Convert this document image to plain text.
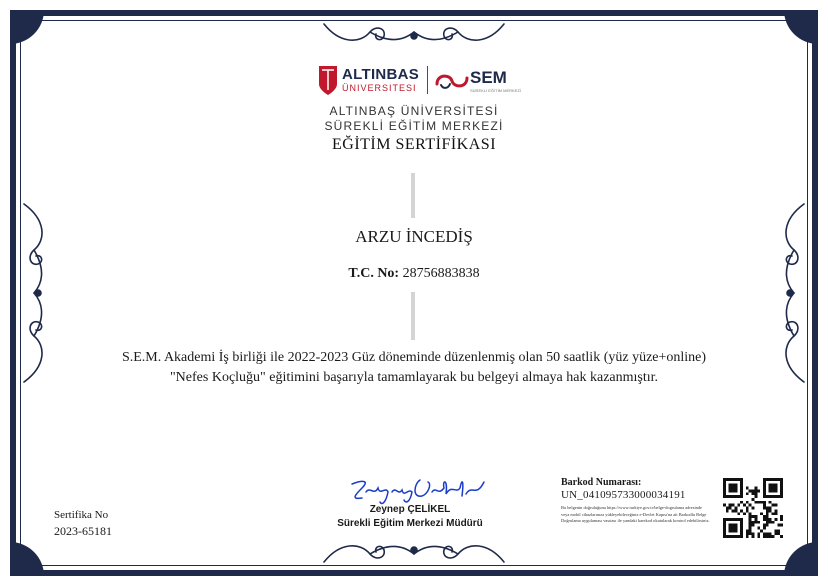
ALTINBAS
ÜNIVERSITESI
SEM
SÜREKLİ EĞİTİM MERKEZİ
ALTINBAŞ ÜNİVERSİTESİ
SÜREKLİ EĞİTİM MERKEZİ
EĞİTİM SERTİFİKASI
ARZU İNCEDİŞ
T.C. No: 28756883838
S.E.M. Akademi İş birliği ile 2022-2023 Güz döneminde düzenlenmiş olan 50 saatlik (yüz yüze+online)
"Nefes Koçluğu" eğitimini başarıyla tamamlayarak bu belgeyi almaya hak kazanmıştır.
Sertifika No
2023-65181
Zeynep ÇELİKEL
Sürekli Eğitim Merkezi Müdürü
Barkod Numarası:
UN_041095733000034191
Bu belgenin doğruluğunu https://www.turkiye.gov.tr/belge-dogrulama adresinde veya mobil cihazlarınıza yükleyebileceğiniz e-Devlet Kapısı'na ait Barkodlu Belge Doğrulama uygulaması vasıtası ile yandaki karekod okutularak kontrol edebilirsiniz.
